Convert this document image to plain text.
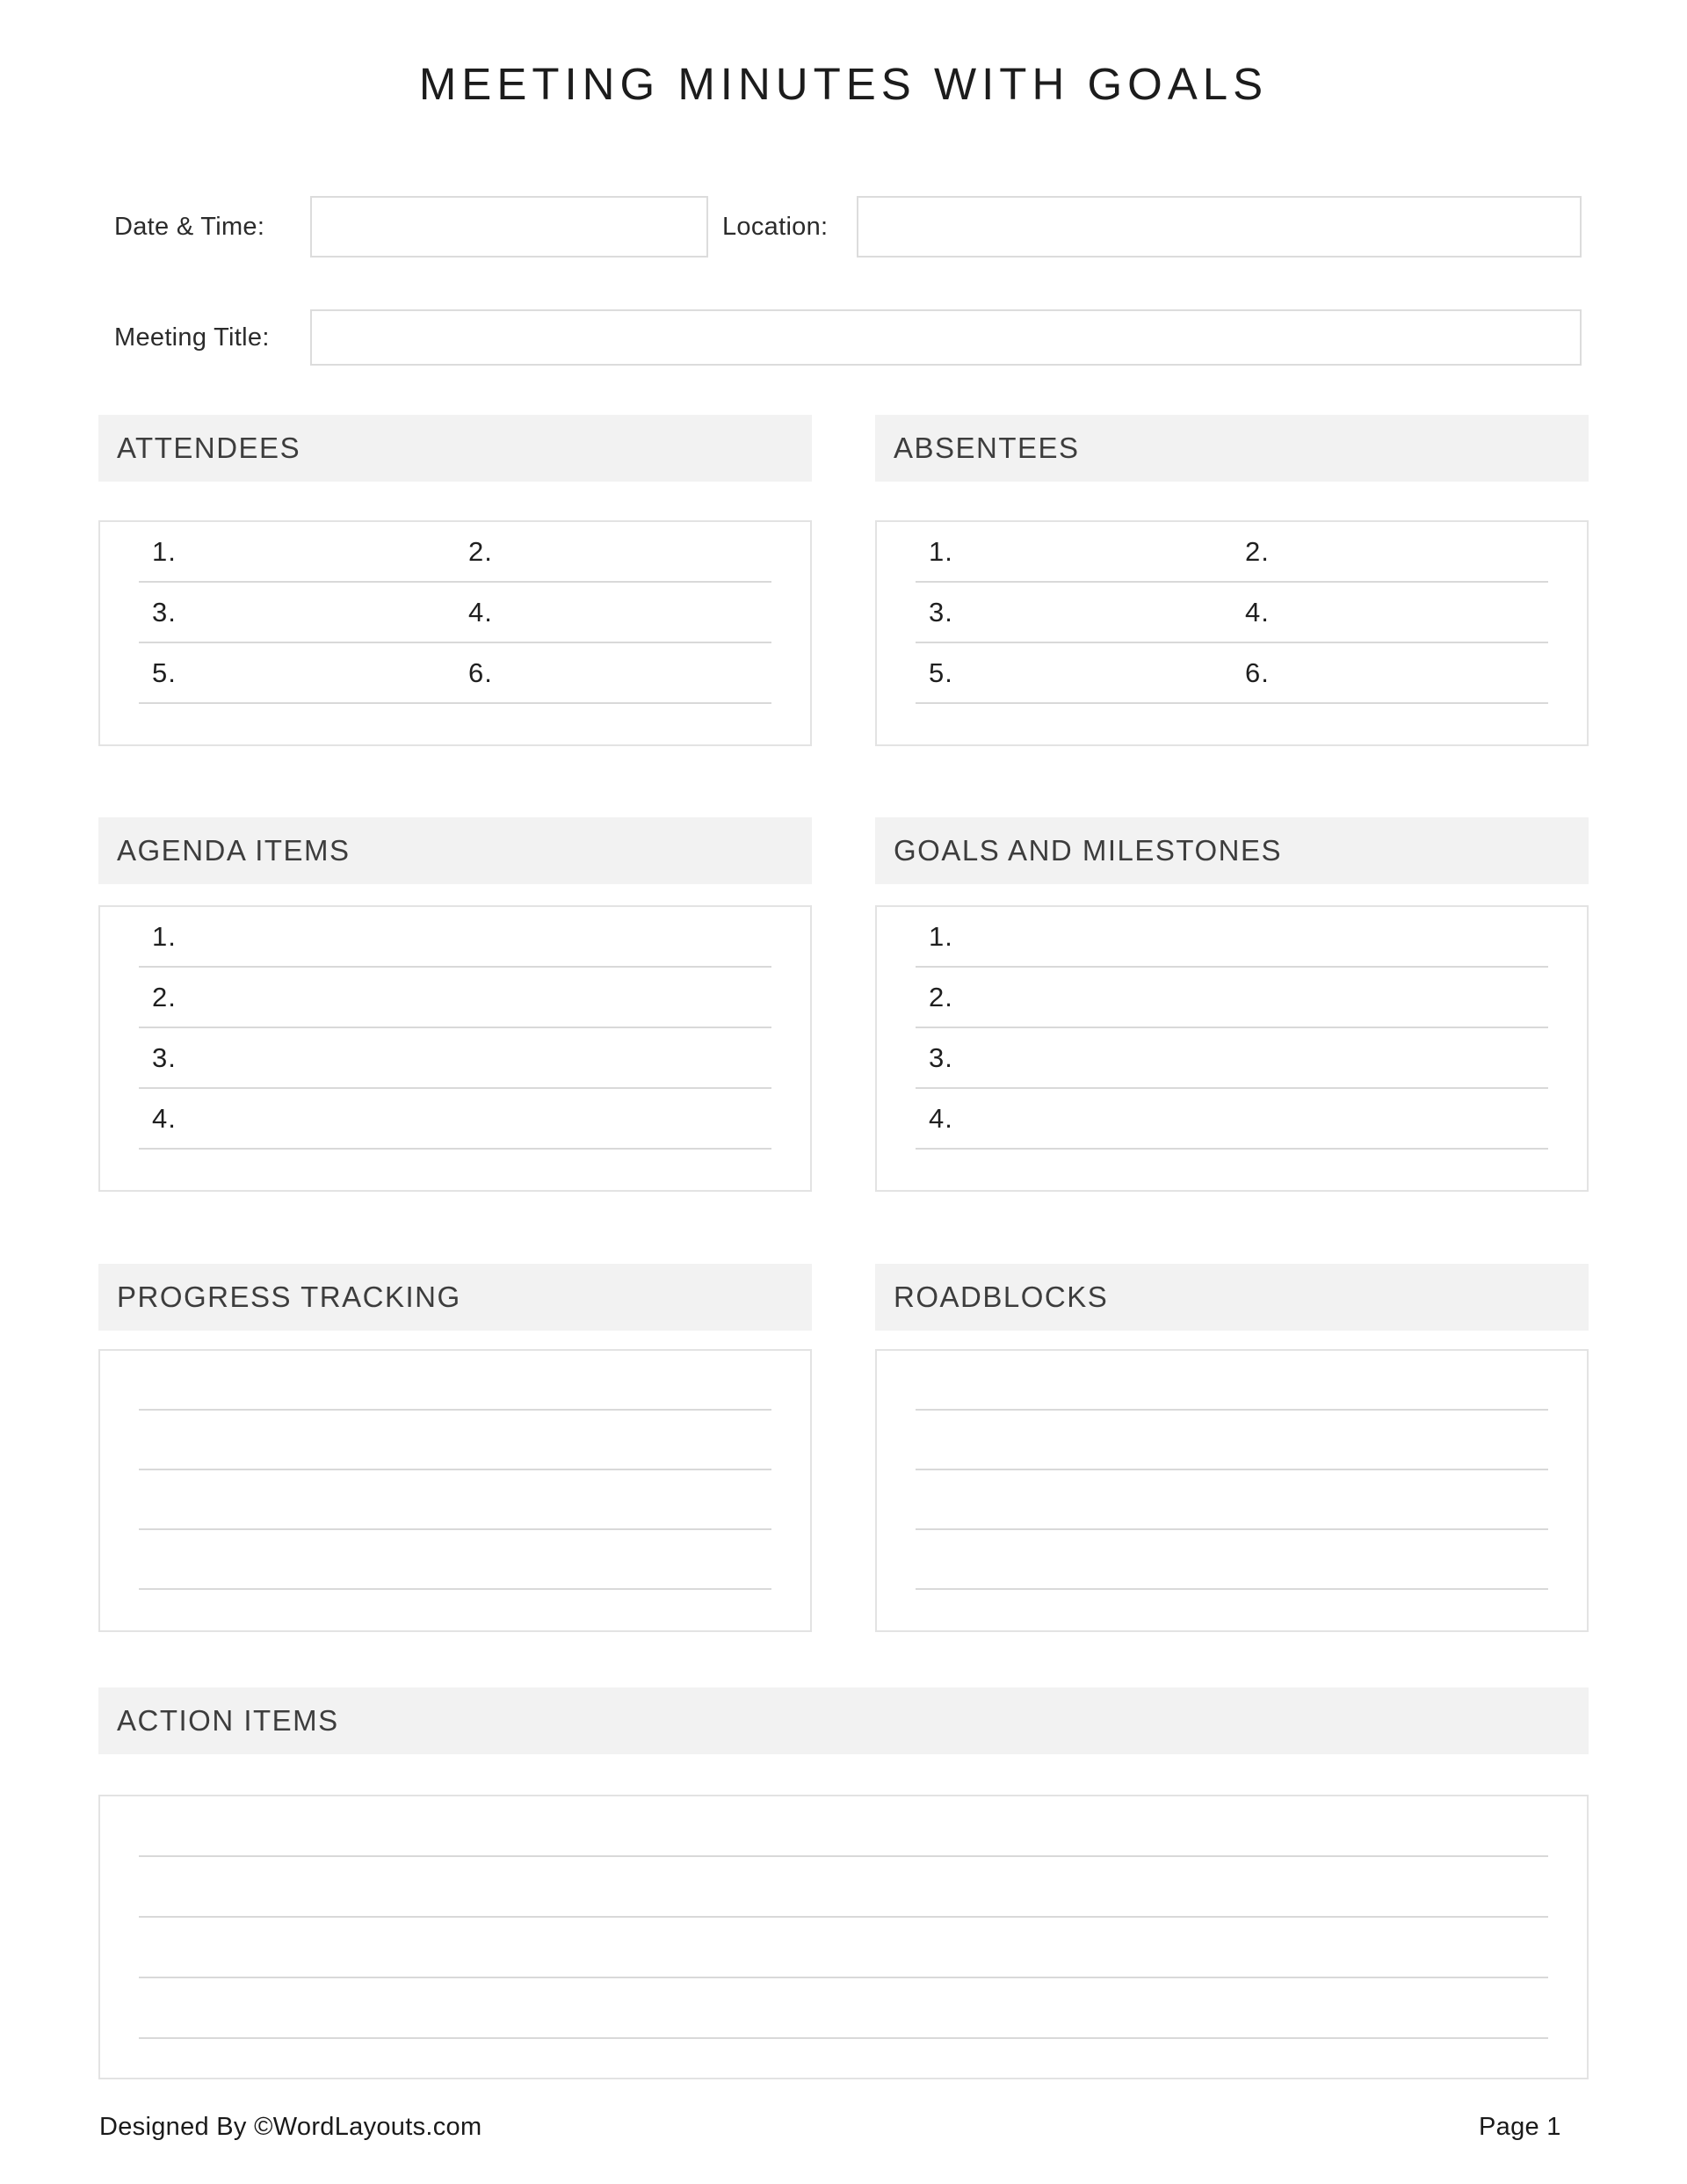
MEETING MINUTES WITH GOALS
Date & Time:	Location:
Meeting Title:
ATTENDEES	ABSENTEES
1.	2.
3.	4.
5.	6.
1.	2.
3.	4.
5.	6.
AGENDA ITEMS	GOALS AND MILESTONES
1.
2.
3.
4.
1.
2.
3.
4.
PROGRESS TRACKING	ROADBLOCKS
ACTION ITEMS
Designed By ©WordLayouts.com	Page 1
